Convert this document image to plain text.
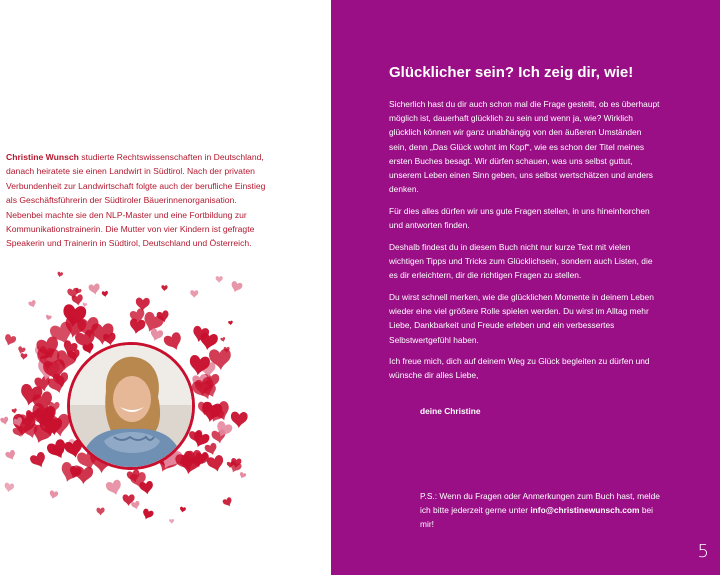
Christine Wunsch studierte Rechtswissenschaften in Deutschland, danach heiratete sie einen Landwirt in Südtirol. Nach der privaten Verbundenheit zur Landwirtschaft folgte auch der berufliche Einstieg als Geschäftsführerin der Südtiroler Bäuerinnenorganisation. Nebenbei machte sie den NLP-Master und eine Fortbildung zur Kommunikationstrainerin. Die Mutter von vier Kindern ist gefragte Speakerin und Trainerin in Südtirol, Deutschland und Österreich.

Glücklicher sein? Ich zeig dir, wie!

Sicherlich hast du dir auch schon mal die Frage gestellt, ob es überhaupt möglich ist, dauerhaft glücklich zu sein und wenn ja, wie? Wirklich glücklich können wir ganz unabhängig von den äußeren Umständen sein, denn „Das Glück wohnt im Kopf“, wie es schon der Titel meines ersten Buches besagt. Wir dürfen schauen, was uns selbst guttut, unserem Leben einen Sinn geben, uns selbst wertschätzen und anders denken.

Für dies alles dürfen wir uns gute Fragen stellen, in uns hineinhorchen und antworten finden.

Deshalb findest du in diesem Buch nicht nur kurze Text mit vielen wichtigen Tipps und Tricks zum Glücklichsein, sondern auch Listen, die es dir erleichtern, dir die richtigen Fragen zu stellen.

Du wirst schnell merken, wie die glücklichen Momente in deinem Leben wieder eine viel größere Rolle spielen werden. Du wirst im Alltag mehr Liebe, Dankbarkeit und Freude erleben und ein verbessertes Selbstwertgefühl haben.

Ich freue mich, dich auf deinem Weg zu Glück begleiten zu dürfen und wünsche dir alles Liebe,

deine Christine
P.S.: Wenn du Fragen oder Anmerkungen zum Buch hast, melde ich bitte jederzeit gerne unter info@christinewunsch.com bei mir!
5
